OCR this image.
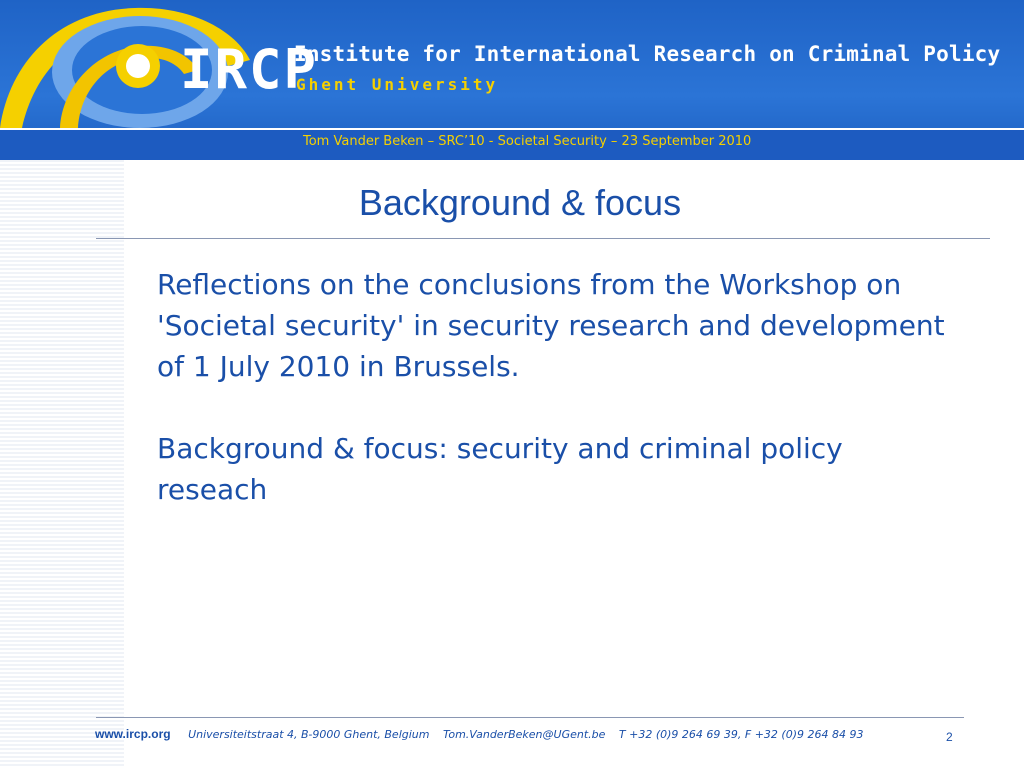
IRCP
Institute for International Research on Criminal Policy
Ghent University
Tom Vander Beken – SRC’10 - Societal Security – 23 September 2010
Background & focus

Reflections on the conclusions from the Workshop on 'Societal security' in security research and development of 1 July 2010 in Brussels.

Background & focus: security and criminal policy reseach

www.ircp.org Universiteitstraat 4, B-9000 Ghent, Belgium Tom.VanderBeken@UGent.be T +32 (0)9 264 69 39, F +32 (0)9 264 84 93	2
